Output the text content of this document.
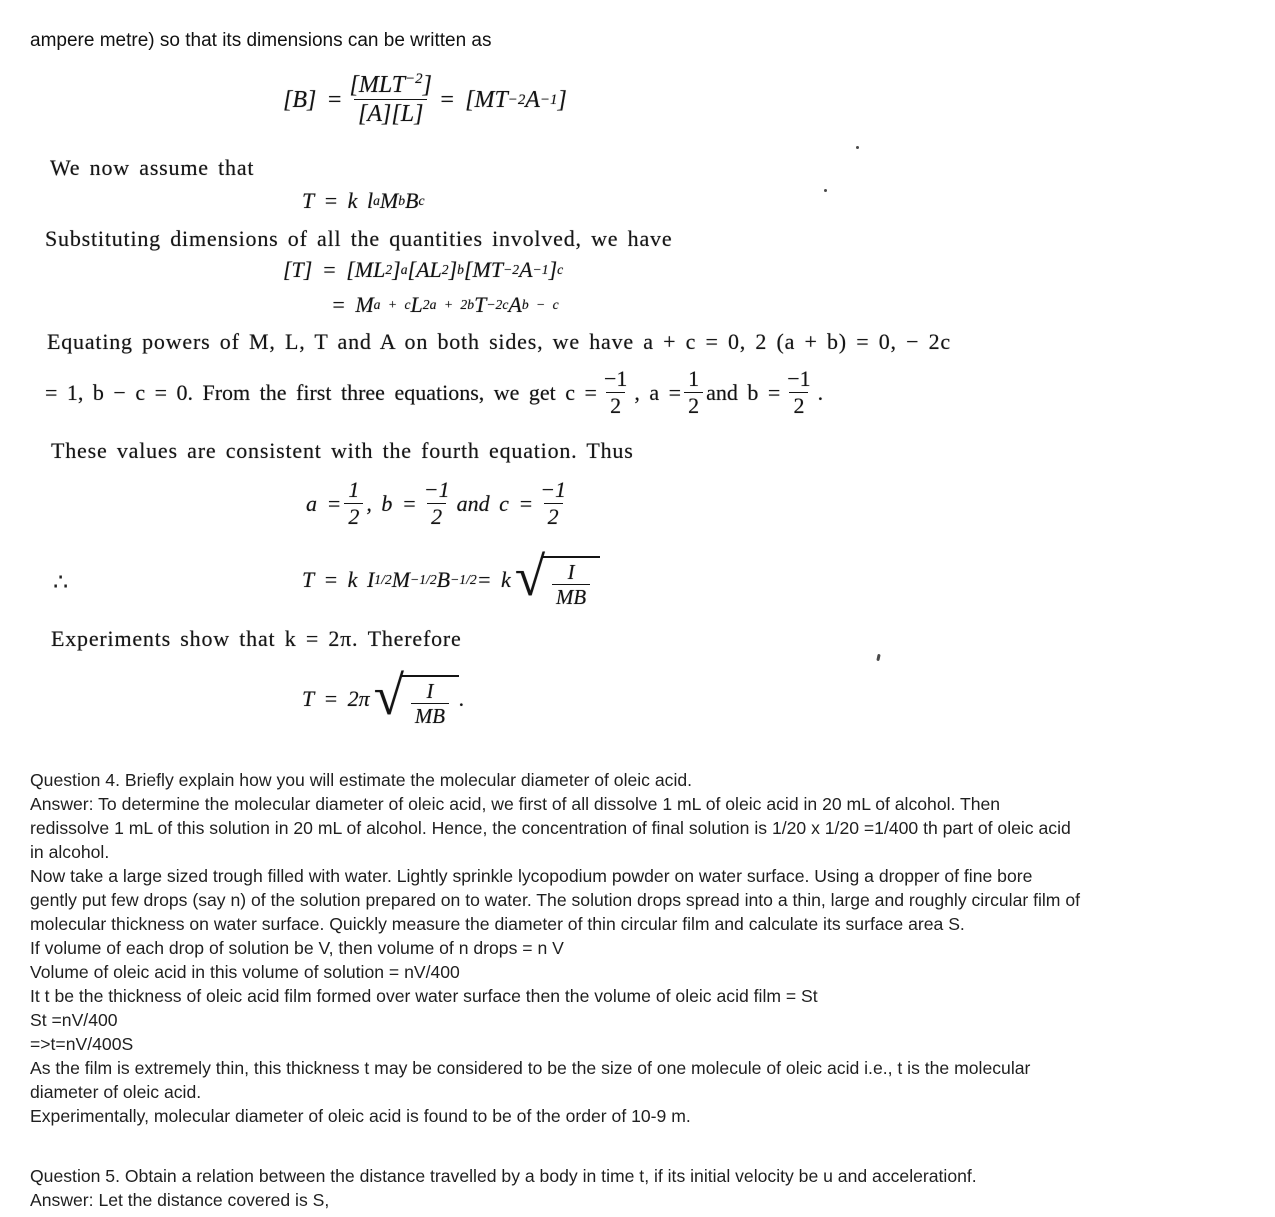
ampere metre) so that its dimensions can be written as
$[B] = \frac{[MLT^{-2}]}{[A][L]} = [MT -2$ A −1 ]
We now assume that
T = k l a M b B c
Substituting dimensions of all the quantities involved, we have
[T] = [ML 2 ] a [AL 2 ] b [MT −2 A −1 ] c
= M a + c L 2a + 2b T −2c A b − c
Equating powers of M, L, T and A on both sides, we have a + c = 0, 2 (a + b) = 0, − 2c
= 1, b − c = 0. From the first three equations, we get $c = \frac{-1}{2}$ , $a = \frac{1}{2}$ and $b = \frac{-1}{2}$ .
These values are consistent with the fourth equation. Thus
$a = \frac{1}{2}$ , $b = \frac{-1}{2}$ and $c = \frac{-1}{2}$
∴	T = k I 1/2 M −1/2 B −1/2 = k √ $\frac{I}{MB}$
Experiments show that k = 2π. Therefore
T = 2π √ $\frac{I}{MB}$ .
Question 4. Briefly explain how you will estimate the molecular diameter of oleic acid.
Answer: To determine the molecular diameter of oleic acid, we first of all dissolve 1 mL of oleic acid in 20 mL of alcohol. Then
redissolve 1 mL of this solution in 20 mL of alcohol. Hence, the concentration of final solution is 1/20 x 1/20 =1/400 th part of oleic acid
in alcohol.
Now take a large sized trough filled with water. Lightly sprinkle lycopodium powder on water surface. Using a dropper of fine bore
gently put few drops (say n) of the solution prepared on to water. The solution drops spread into a thin, large and roughly circular film of
molecular thickness on water surface. Quickly measure the diameter of thin circular film and calculate its surface area S.
If volume of each drop of solution be V, then volume of n drops = n V
Volume of oleic acid in this volume of solution = nV/400
It t be the thickness of oleic acid film formed over water surface then the volume of oleic acid film = St
St =nV/400
=>t=nV/400S
As the film is extremely thin, this thickness t may be considered to be the size of one molecule of oleic acid i.e., t is the molecular
diameter of oleic acid.
Experimentally, molecular diameter of oleic acid is found to be of the order of 10-9 m.
Question 5. Obtain a relation between the distance travelled by a body in time t, if its initial velocity be u and accelerationf.
Answer: Let the distance covered is S,
